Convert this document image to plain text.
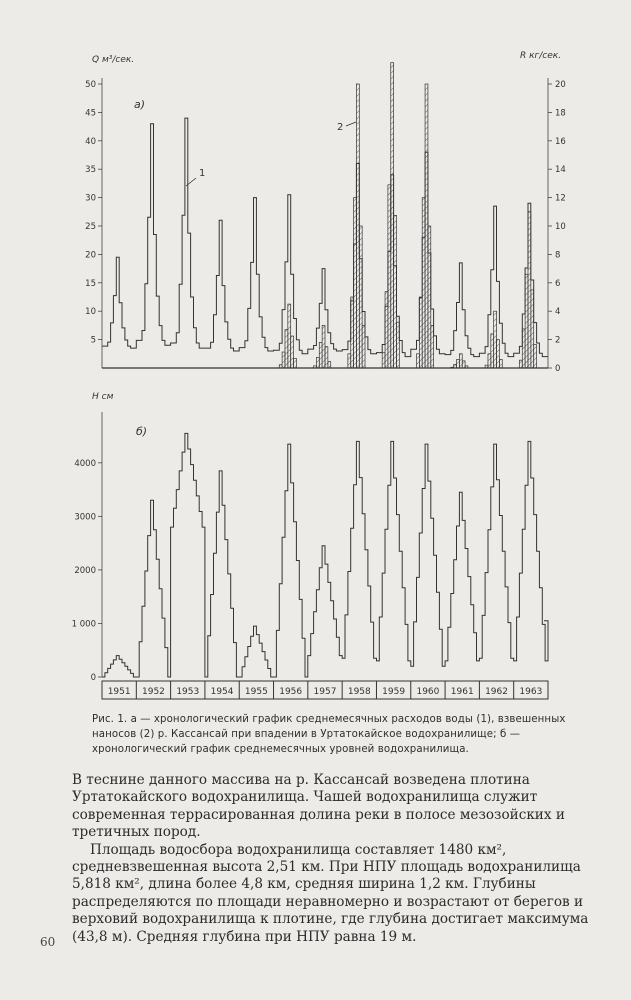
Q м³/сек.	R кг/сек.
а)
5
10
15
20
25
30
35
40
45
50
0
2
4
6
8
10
12
14
16
18
20
1
2
H см
б)
0
1 000
2000
3000
4000
1951 1952 1953 1954 1955 1956 1957 1958 1959 1960 1961 1962 1963
Рис. 1. а — хронологический график среднемесячных расходов воды (1), взвешенных наносов (2) р. Кассансай при впадении в Уртатокайское водохранилище; б — хронологический график среднемесячных уровней водохранилища.

В теснине данного массива на р. Кассансай возведена плотина Уртатокайского водохранилища. Чашей водохранилища служит современная террасированная долина реки в полосе мезозойских и третичных пород.

Площадь водосбора водохранилища составляет 1480 км², средневзвешенная высота 2,51 км. При НПУ площадь водохранилища 5,818 км², длина более 4,8 км, средняя ширина 1,2 км. Глубины распределяются по площади неравномерно и возрастают от берегов и верховий водохранилища к плотине, где глубина достигает максимума (43,8 м). Средняя глубина при НПУ равна 19 м.

60
